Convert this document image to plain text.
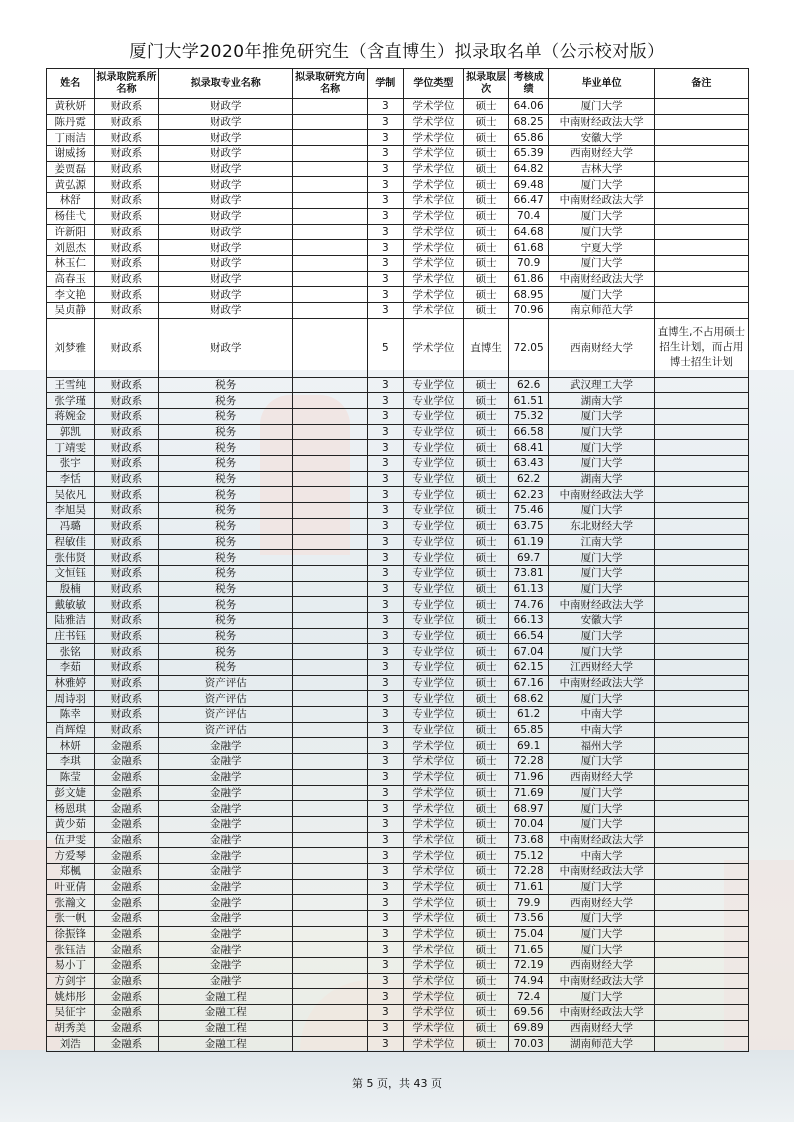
厦门大学2020年推免研究生（含直博生）拟录取名单（公示校对版）
姓名	拟录取院系所名称	拟录取专业名称	拟录取研究方向名称	学制	学位类型	拟录取层次	考核成绩	毕业单位	备注
黄秋妍	财政系	财政学		3	学术学位	硕士	64.06	厦门大学	
陈丹霓	财政系	财政学		3	学术学位	硕士	68.25	中南财经政法大学	
丁雨洁	财政系	财政学		3	学术学位	硕士	65.86	安徽大学	
谢威扬	财政系	财政学		3	学术学位	硕士	65.39	西南财经大学	
姜贾磊	财政系	财政学		3	学术学位	硕士	64.82	吉林大学	
黄弘源	财政系	财政学		3	学术学位	硕士	69.48	厦门大学	
林舒	财政系	财政学		3	学术学位	硕士	66.47	中南财经政法大学	
杨佳弋	财政系	财政学		3	学术学位	硕士	70.4	厦门大学	
许新阳	财政系	财政学		3	学术学位	硕士	64.68	厦门大学	
刘恩杰	财政系	财政学		3	学术学位	硕士	61.68	宁夏大学	
林玉仁	财政系	财政学		3	学术学位	硕士	70.9	厦门大学	
高春玉	财政系	财政学		3	学术学位	硕士	61.86	中南财经政法大学	
李文艳	财政系	财政学		3	学术学位	硕士	68.95	厦门大学	
吴贞静	财政系	财政学		3	学术学位	硕士	70.96	南京师范大学	
刘梦雅	财政系	财政学		5	学术学位	直博生	72.05	西南财经大学	直博生,不占用硕士招生计划，而占用博士招生计划
王雪纯	财政系	税务		3	专业学位	硕士	62.6	武汉理工大学	
张学瑾	财政系	税务		3	专业学位	硕士	61.51	湖南大学	
蒋婉金	财政系	税务		3	专业学位	硕士	75.32	厦门大学	
郭凯	财政系	税务		3	专业学位	硕士	66.58	厦门大学	
丁靖雯	财政系	税务		3	专业学位	硕士	68.41	厦门大学	
张宇	财政系	税务		3	专业学位	硕士	63.43	厦门大学	
李恬	财政系	税务		3	专业学位	硕士	62.2	湖南大学	
吴依凡	财政系	税务		3	专业学位	硕士	62.23	中南财经政法大学	
李旭昊	财政系	税务		3	专业学位	硕士	75.46	厦门大学	
冯璐	财政系	税务		3	专业学位	硕士	63.75	东北财经大学	
程敏佳	财政系	税务		3	专业学位	硕士	61.19	江南大学	
张伟贤	财政系	税务		3	专业学位	硕士	69.7	厦门大学	
文恒钰	财政系	税务		3	专业学位	硕士	73.81	厦门大学	
殷楠	财政系	税务		3	专业学位	硕士	61.13	厦门大学	
戴敏敏	财政系	税务		3	专业学位	硕士	74.76	中南财经政法大学	
陆雅洁	财政系	税务		3	专业学位	硕士	66.13	安徽大学	
庄书钰	财政系	税务		3	专业学位	硕士	66.54	厦门大学	
张铭	财政系	税务		3	专业学位	硕士	67.04	厦门大学	
李茹	财政系	税务		3	专业学位	硕士	62.15	江西财经大学	
林雅婷	财政系	资产评估		3	专业学位	硕士	67.16	中南财经政法大学	
周诗羽	财政系	资产评估		3	专业学位	硕士	68.62	厦门大学	
陈幸	财政系	资产评估		3	专业学位	硕士	61.2	中南大学	
肖辉煌	财政系	资产评估		3	专业学位	硕士	65.85	中南大学	
林妍	金融系	金融学		3	学术学位	硕士	69.1	福州大学	
李琪	金融系	金融学		3	学术学位	硕士	72.28	厦门大学	
陈莹	金融系	金融学		3	学术学位	硕士	71.96	西南财经大学	
彭文婕	金融系	金融学		3	学术学位	硕士	71.69	厦门大学	
杨恩琪	金融系	金融学		3	学术学位	硕士	68.97	厦门大学	
黄少茹	金融系	金融学		3	学术学位	硕士	70.04	厦门大学	
伍尹雯	金融系	金融学		3	学术学位	硕士	73.68	中南财经政法大学	
方爱琴	金融系	金融学		3	学术学位	硕士	75.12	中南大学	
郑楓	金融系	金融学		3	学术学位	硕士	72.28	中南财经政法大学	
叶亚倩	金融系	金融学		3	学术学位	硕士	71.61	厦门大学	
张瀚文	金融系	金融学		3	学术学位	硕士	79.9	西南财经大学	
张一帆	金融系	金融学		3	学术学位	硕士	73.56	厦门大学	
徐振锋	金融系	金融学		3	学术学位	硕士	75.04	厦门大学	
张钰洁	金融系	金融学		3	学术学位	硕士	71.65	厦门大学	
易小丁	金融系	金融学		3	学术学位	硕士	72.19	西南财经大学	
方剑宇	金融系	金融学		3	学术学位	硕士	74.94	中南财经政法大学	
姚炜彤	金融系	金融工程		3	学术学位	硕士	72.4	厦门大学	
吴征宇	金融系	金融工程		3	学术学位	硕士	69.56	中南财经政法大学	
胡秀美	金融系	金融工程		3	学术学位	硕士	69.89	西南财经大学	
刘浩	金融系	金融工程		3	学术学位	硕士	70.03	湖南师范大学	
第 5 页，共 43 页
